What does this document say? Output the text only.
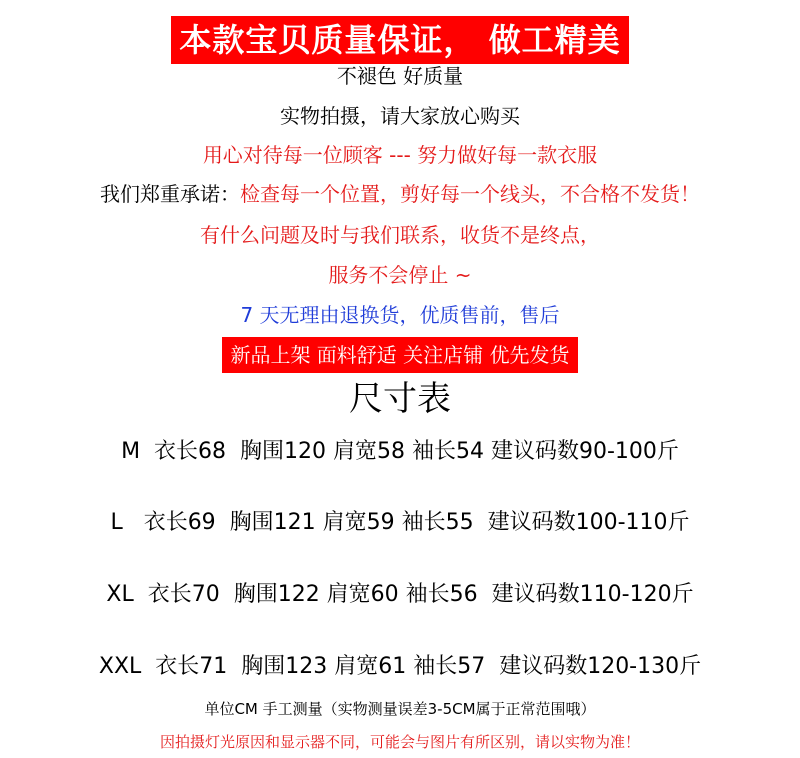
本款宝贝质量保证， 做工精美
不褪色 好质量
实物拍摄，请大家放心购买
用心对待每一位顾客 --- 努力做好每一款衣服
我们郑重承诺：检查每一个位置，剪好每一个线头，不合格不发货！
有什么问题及时与我们联系，收货不是终点，
服务不会停止 ~
7 天无理由退换货，优质售前，售后
新品上架 面料舒适 关注店铺 优先发货
尺寸表
M  衣长68  胸围120 肩宽58 袖长54 建议码数90-100斤
L   衣长69  胸围121 肩宽59 袖长55  建议码数100-110斤
XL  衣长70  胸围122 肩宽60 袖长56  建议码数110-120斤
XXL  衣长71  胸围123 肩宽61 袖长57  建议码数120-130斤
单位CM 手工测量（实物测量误差3-5CM属于正常范围哦）
因拍摄灯光原因和显示器不同，可能会与图片有所区别，请以实物为准！
